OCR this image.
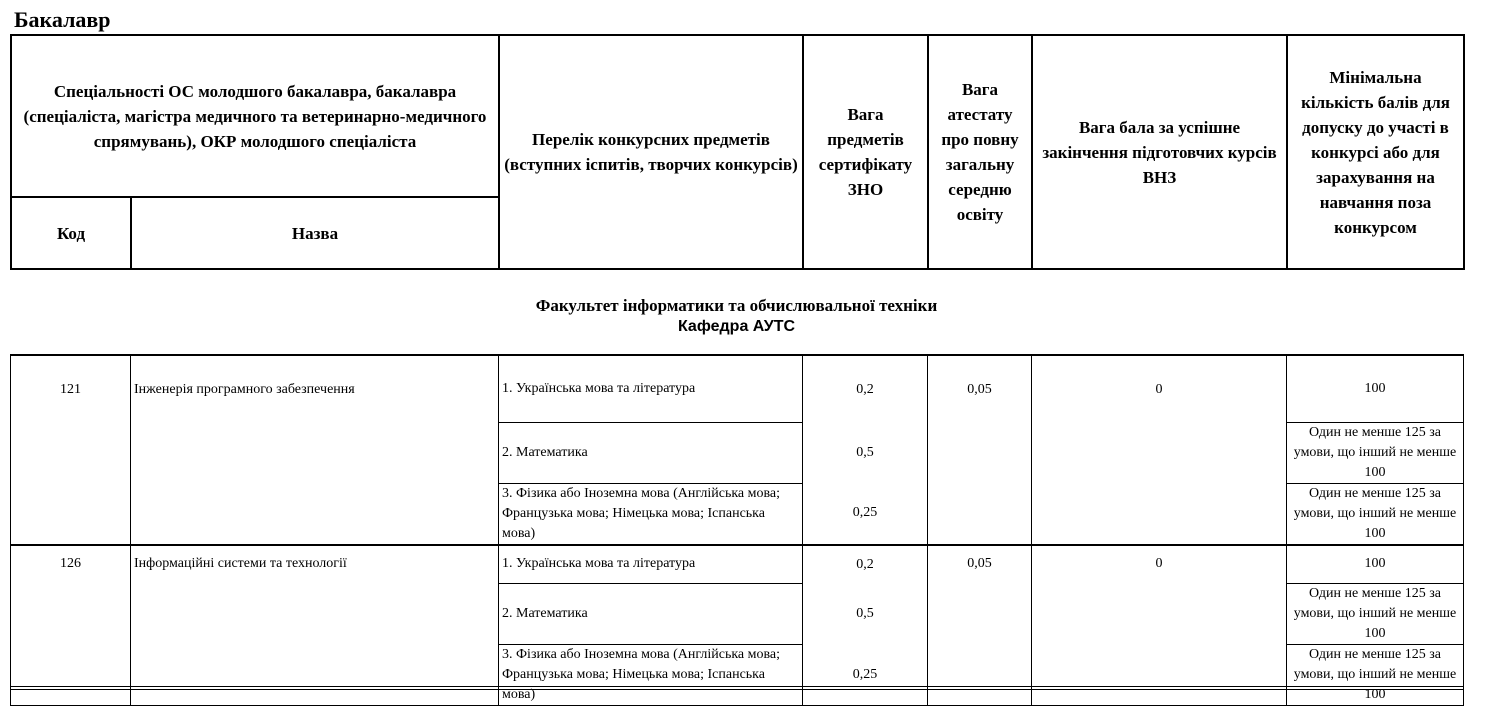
Бакалавр
Спеціальності ОС молодшого бакалавра, бакалавра (спеціаліста, магістра медичного та ветеринарно-медичного спрямувань), ОКР молодшого спеціаліста		Перелік конкурсних предметів (вступних іспитів, творчих конкурсів)	Вага предметів сертифікату ЗНО	Вага атестату про повну загальну середню освіту	Вага бала за успішне закінчення підготовчих курсів ВНЗ	Мінімальна кількість балів для допуску до участі в конкурсі або для зарахування на навчання поза конкурсом
Код	Назва					
Факультет інформатики та обчислювальної техніки
Кафедра АУТС
121	Інженерія програмного забезпечення	1. Українська мова та література	0,2	0,05	0	100
		2. Математика	0,5			Один не менше 125 за умови, що інший не менше 100
		3. Фізика або Іноземна мова (Англійська мова; Французька мова; Німецька мова; Іспанська мова)	0,25			Один не менше 125 за умови, що інший не менше 100
126	Інформаційні системи та технології	1. Українська мова та література	0,2	0,05	0	100
		2. Математика	0,5			Один не менше 125 за умови, що інший не менше 100
		3. Фізика або Іноземна мова (Англійська мова; Французька мова; Німецька мова; Іспанська мова)	0,25			Один не менше 125 за умови, що інший не менше 100
